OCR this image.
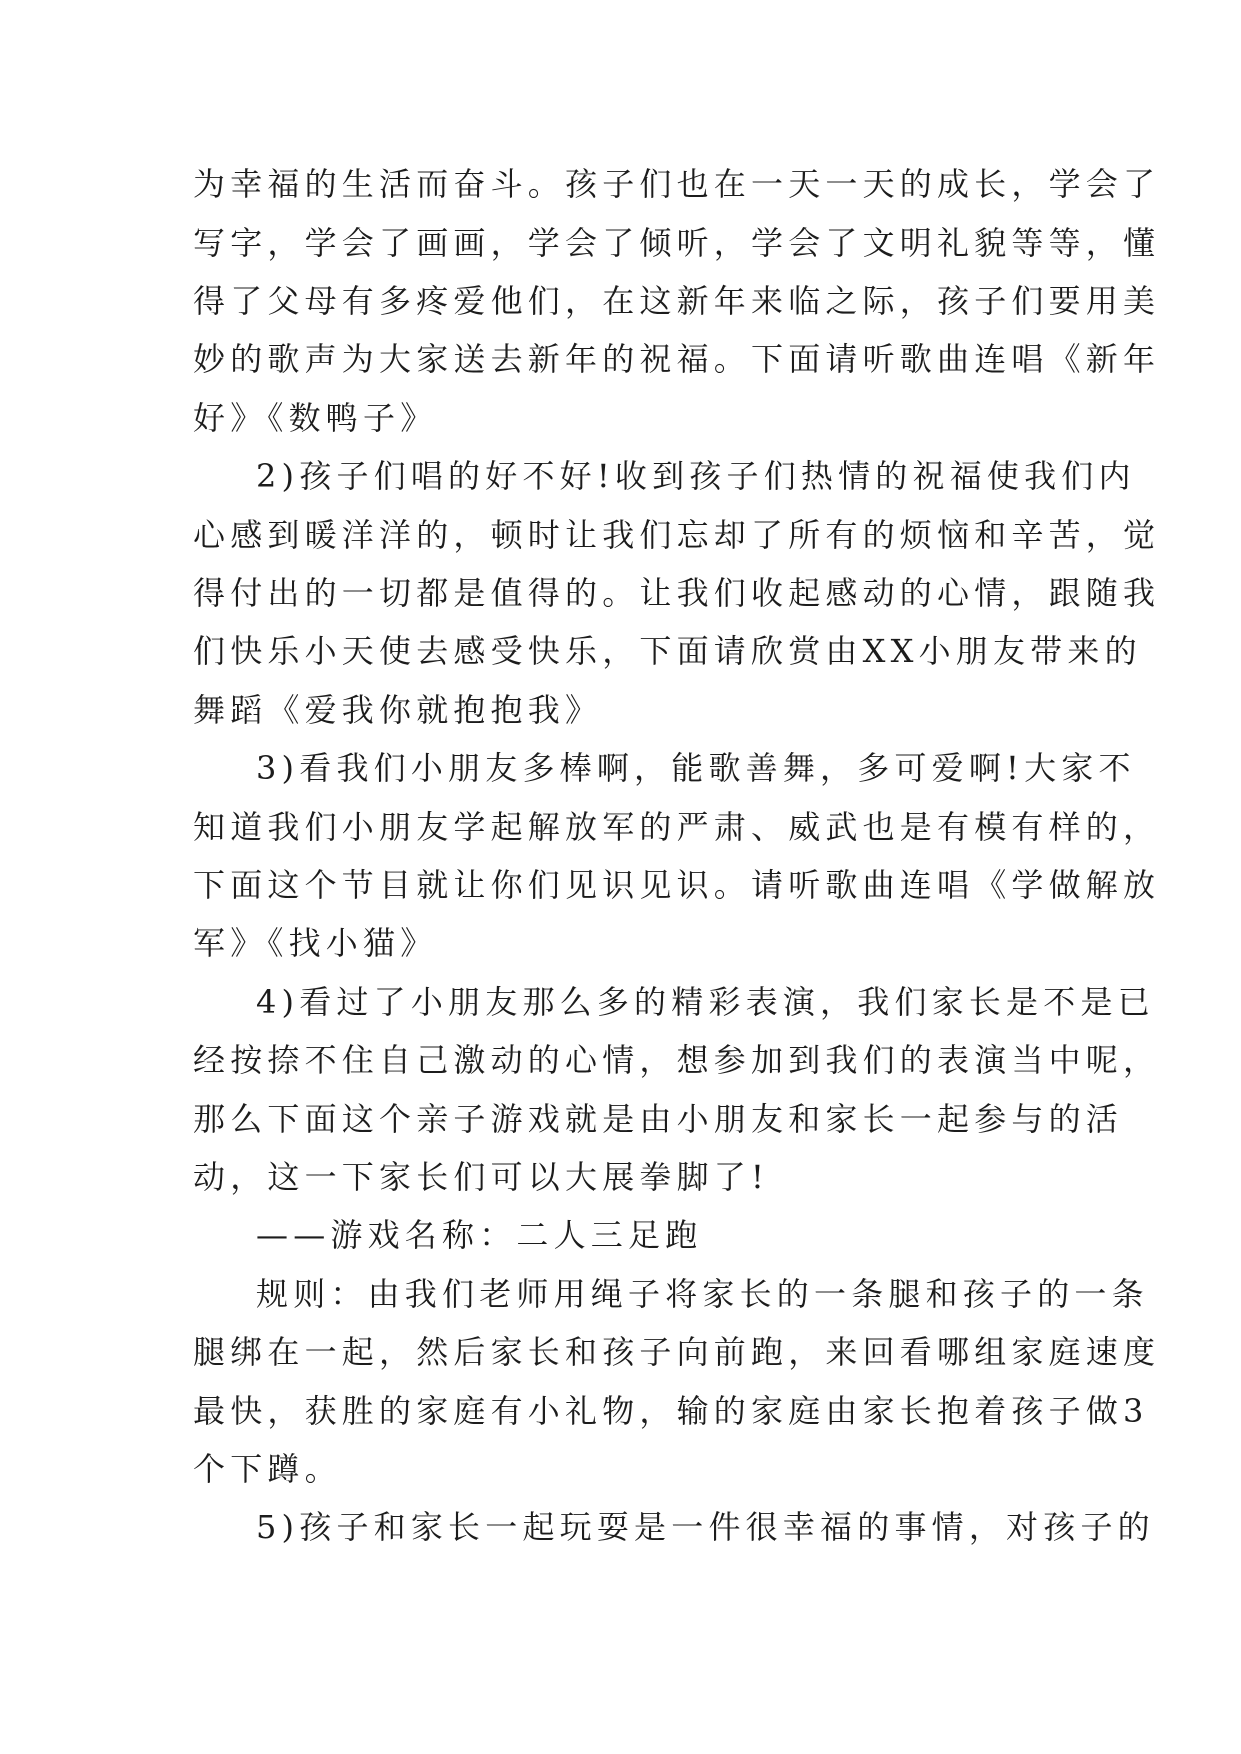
为幸福的生活而奋斗。孩子们也在一天一天的成长，学会了
写字，学会了画画，学会了倾听，学会了文明礼貌等等，懂
得了父母有多疼爱他们，在这新年来临之际，孩子们要用美
妙的歌声为大家送去新年的祝福。下面请听歌曲连唱《新年
好》《数鸭子》
2)孩子们唱的好不好!收到孩子们热情的祝福使我们内
心感到暖洋洋的，顿时让我们忘却了所有的烦恼和辛苦，觉
得付出的一切都是值得的。让我们收起感动的心情，跟随我
们快乐小天使去感受快乐，下面请欣赏由XX小朋友带来的
舞蹈《爱我你就抱抱我》
3)看我们小朋友多棒啊，能歌善舞，多可爱啊!大家不
知道我们小朋友学起解放军的严肃、威武也是有模有样的，
下面这个节目就让你们见识见识。请听歌曲连唱《学做解放
军》《找小猫》
4)看过了小朋友那么多的精彩表演，我们家长是不是已
经按捺不住自己激动的心情，想参加到我们的表演当中呢，
那么下面这个亲子游戏就是由小朋友和家长一起参与的活
动，这一下家长们可以大展拳脚了!
——游戏名称：二人三足跑
规则：由我们老师用绳子将家长的一条腿和孩子的一条
腿绑在一起，然后家长和孩子向前跑，来回看哪组家庭速度
最快，获胜的家庭有小礼物，输的家庭由家长抱着孩子做3
个下蹲。
5)孩子和家长一起玩耍是一件很幸福的事情，对孩子的
